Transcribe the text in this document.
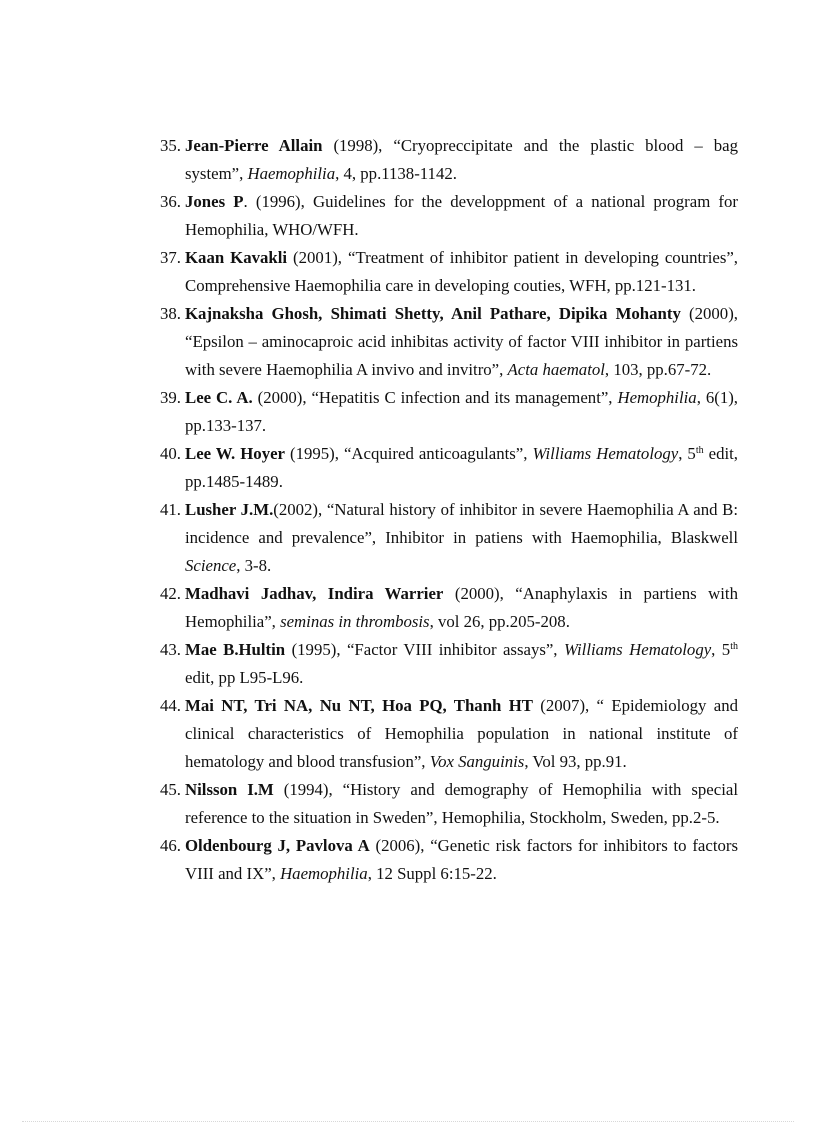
35. Jean-Pierre Allain (1998), “Cryopreccipitate and the plastic blood – bag system”, Haemophilia, 4, pp.1138-1142.
36. Jones P. (1996), Guidelines for the developpment of a national program for Hemophilia, WHO/WFH.
37. Kaan Kavakli (2001), “Treatment of inhibitor patient in developing countries”, Comprehensive Haemophilia care in developing couties, WFH, pp.121-131.
38. Kajnaksha Ghosh, Shimati Shetty, Anil Pathare, Dipika Mohanty (2000), “Epsilon – aminocaproic acid inhibitas activity of factor VIII inhibitor in partiens with severe Haemophilia A invivo and invitro”, Acta haematol, 103, pp.67-72.
39. Lee C. A. (2000), “Hepatitis C infection and its management”, Hemophilia, 6(1), pp.133-137.
40. Lee W. Hoyer (1995), “Acquired anticoagulants”, Williams Hematology, 5th edit, pp.1485-1489.
41. Lusher J.M.(2002), “Natural history of inhibitor in severe Haemophilia A and B: incidence and prevalence”, Inhibitor in patiens with Haemophilia, Blaskwell Science, 3-8.
42. Madhavi Jadhav, Indira Warrier (2000), “Anaphylaxis in partiens with Hemophilia”, seminas in thrombosis, vol 26, pp.205-208.
43. Mae B.Hultin (1995), “Factor VIII inhibitor assays”, Williams Hematology, 5th edit, pp L95-L96.
44. Mai NT, Tri NA, Nu NT, Hoa PQ, Thanh HT (2007), “ Epidemiology and clinical characteristics of Hemophilia population in national institute of hematology and blood transfusion”, Vox Sanguinis, Vol 93, pp.91.
45. Nilsson I.M (1994), “History and demography of Hemophilia with special reference to the situation in Sweden”, Hemophilia, Stockholm, Sweden, pp.2-5.
46. Oldenbourg J, Pavlova A (2006), “Genetic risk factors for inhibitors to factors VIII and IX”, Haemophilia, 12 Suppl 6:15-22.
